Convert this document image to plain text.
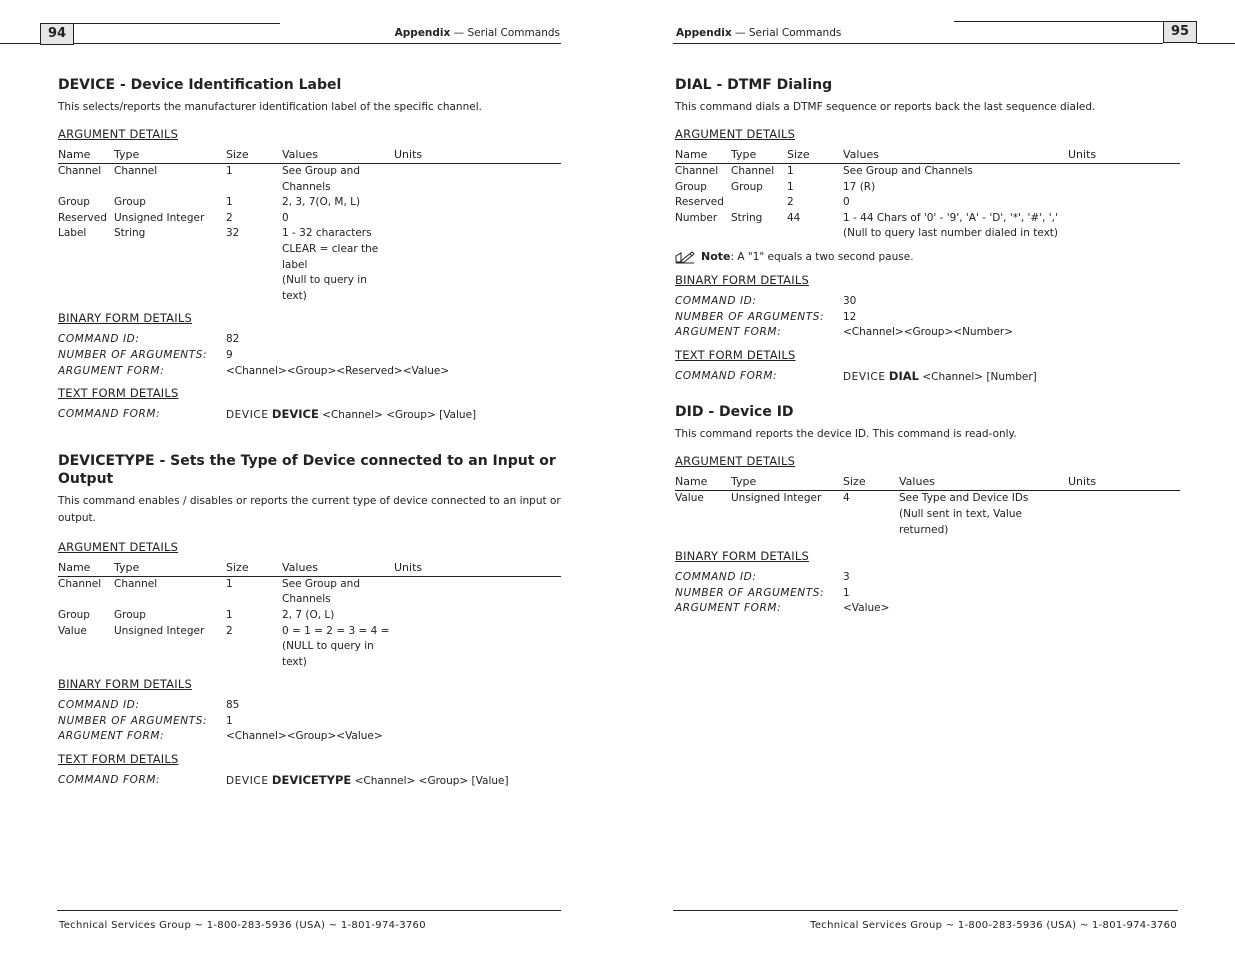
94	Appendix — Serial Commands
DEVICE - Device Identification Label

This selects/reports the manufacturer identification label of the specific channel.

ARGUMENT DETAILS
Name	Type	Size	Values	Units
Channel	Channel	1	See Group and Channels	
Group	Group	1	2, 3, 7(O, M, L)	
Reserved	Unsigned Integer	2	0	
Label	String	32	1 - 32 characters	
			CLEAR = clear the label	
			(Null to query in text)	
BINARY FORM DETAILS
COMMAND ID:	82
NUMBER OF ARGUMENTS:	9
ARGUMENT FORM:	<Channel><Group><Reserved><Value>
TEXT FORM DETAILS
COMMAND FORM:	DEVICE DEVICE <Channel> <Group> [Value]
DEVICETYPE - Sets the Type of Device connected to an Input or Output

This command enables / disables or reports the current type of device connected to an input or output.

ARGUMENT DETAILS
Name	Type	Size	Values	Units
Channel	Channel	1	See Group and Channels	
Group	Group	1	2, 7 (O, L)	
Value	Unsigned Integer	2	0 = 1 = 2 = 3 = 4 = (NULL to query in text)	
BINARY FORM DETAILS
COMMAND ID:	85
NUMBER OF ARGUMENTS:	1
ARGUMENT FORM:	<Channel><Group><Value>
TEXT FORM DETAILS
COMMAND FORM:	DEVICE DEVICETYPE <Channel> <Group> [Value]
Technical Services Group ~ 1-800-283-5936 (USA) ~ 1-801-974-3760
95
Appendix — Serial Commands
DIAL - DTMF Dialing

This command dials a DTMF sequence or reports back the last sequence dialed.

ARGUMENT DETAILS
Name	Type	Size	Values	Units
Channel	Channel	1	See Group and Channels	
Group	Group	1	17 (R)	
Reserved		2	0	
Number	String	44	1 - 44 Chars of '0' - '9', 'A' - 'D', '*', '#', ','	
			(Null to query last number dialed in text)	
Note: A "1" equals a two second pause.
BINARY FORM DETAILS
COMMAND ID:	30
NUMBER OF ARGUMENTS:	12
ARGUMENT FORM:	<Channel><Group><Number>
TEXT FORM DETAILS
COMMAND FORM:	DEVICE DIAL <Channel> [Number]
DID - Device ID

This command reports the device ID. This command is read-only.

ARGUMENT DETAILS
Name	Type	Size	Values	Units
Value	Unsigned Integer	4	See Type and Device IDs	
			(Null sent in text, Value returned)	
BINARY FORM DETAILS
COMMAND ID:	3
NUMBER OF ARGUMENTS:	1
ARGUMENT FORM:	<Value>
Technical Services Group ~ 1-800-283-5936 (USA) ~ 1-801-974-3760
